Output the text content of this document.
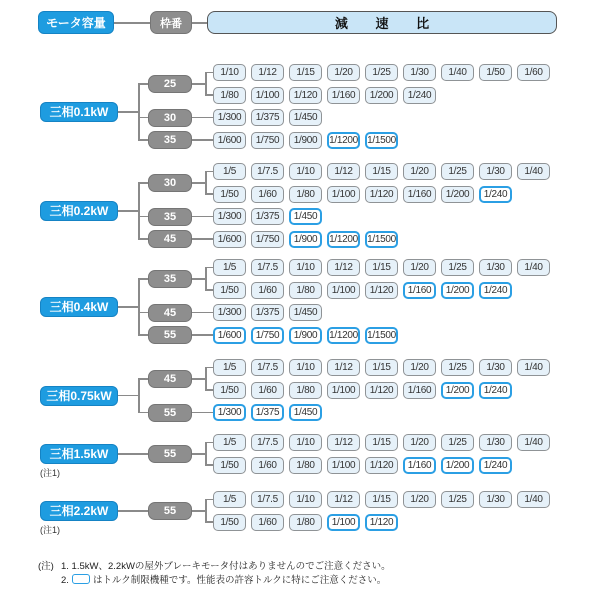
モータ容量	枠番	減 速 比
三相0.1kW
25
1/10	1/12	1/15	1/20	1/25	1/30	1/40	1/50	1/60
1/80	1/100	1/120	1/160	1/200	1/240
30	1/300	1/375	1/450
35	1/600	1/750	1/900	1/1200 1/1500
三相0.2kW
30
1/5	1/7.5	1/10	1/12	1/15	1/20	1/25	1/30	1/40
1/50	1/60	1/80	1/100	1/120	1/160	1/200	1/240
35	1/300	1/375	1/450
45	1/600	1/750	1/900	1/1200 1/1500
三相0.4kW
35
1/5	1/7.5	1/10	1/12	1/15	1/20	1/25	1/30	1/40
1/50	1/60	1/80	1/100	1/120	1/160	1/200	1/240
45	1/300	1/375	1/450
55	1/600	1/750	1/900	1/1200 1/1500
三相0.75kW
45
1/5	1/7.5	1/10	1/12	1/15	1/20	1/25	1/30	1/40
1/50	1/60	1/80	1/100	1/120	1/160	1/200	1/240
55	1/300	1/375	1/450
三相1.5kW
(注1)
55
1/5	1/7.5	1/10	1/12	1/15	1/20	1/25	1/30	1/40
1/50	1/60	1/80	1/100	1/120	1/160	1/200	1/240
三相2.2kW
(注1)
55
1/5	1/7.5	1/10	1/12	1/15	1/20	1/25	1/30	1/40
1/50	1/60	1/80	1/100	1/120
(注) 1. 1.5kW、2.2kWの屋外ブレーキモータ付はありませんのでご注意ください。
2.	はトルク制限機種です。性能表の許容トルクに特にご注意ください。
